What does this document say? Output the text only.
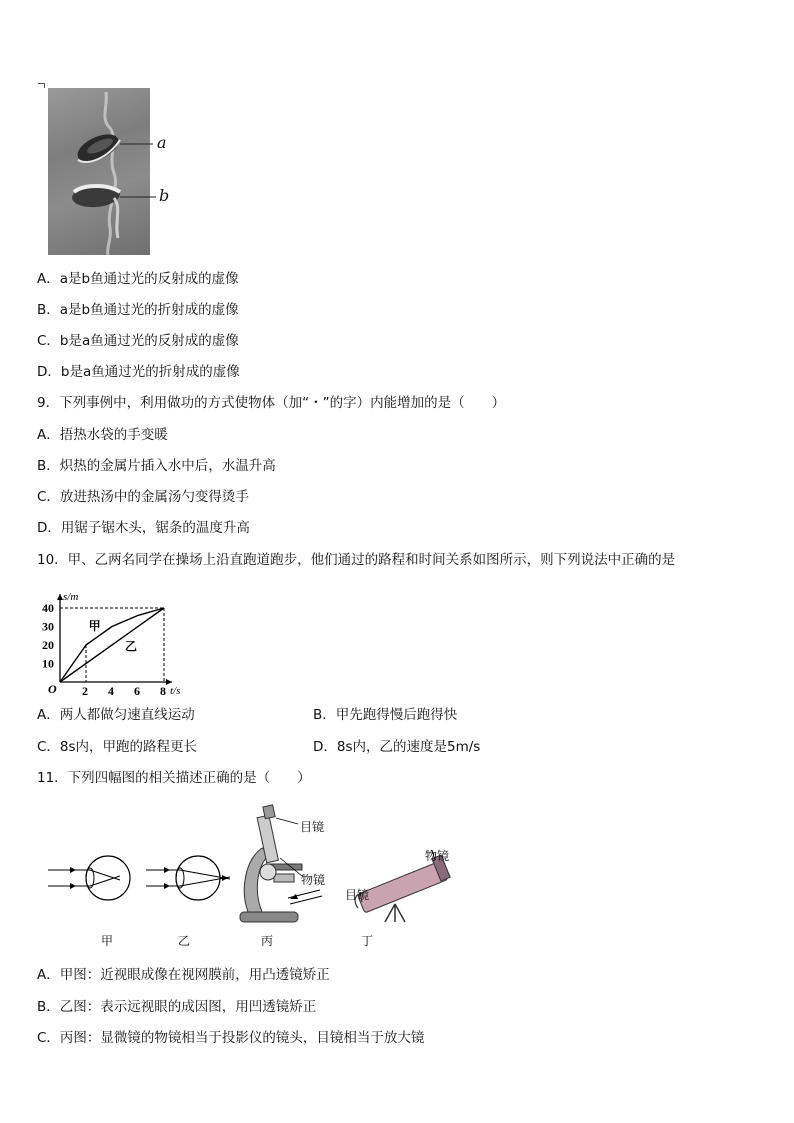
a
b
A．a是b鱼通过光的反射成的虚像
B．a是b鱼通过光的折射成的虚像
C．b是a鱼通过光的反射成的虚像
D．b是a鱼通过光的折射成的虚像
9．下列事例中，利用做功的方式使物体（加“・”的字）内能增加的是（　　）
A．捂热水袋的手变暖
B．炽热的金属片插入水中后，水温升高
C．放进热汤中的金属汤勺变得烫手
D．用锯子锯木头，锯条的温度升高
10．甲、乙两名同学在操场上沿直跑道跑步，他们通过的路程和时间关系如图所示，则下列说法中正确的是
s/m
t/s
O 2 4 6 8
10
20
30
40
甲
乙
A．两人都做匀速直线运动	B．甲先跑得慢后跑得快
C．8s内，甲跑的路程更长	D．8s内，乙的速度是5m/s
11．下列四幅图的相关描述正确的是（　　）
目镜
物镜
物镜
目镜
甲	乙	丙	丁
A．甲图：近视眼成像在视网膜前，用凸透镜矫正
B．乙图：表示远视眼的成因图，用凹透镜矫正
C．丙图：显微镜的物镜相当于投影仪的镜头，目镜相当于放大镜
